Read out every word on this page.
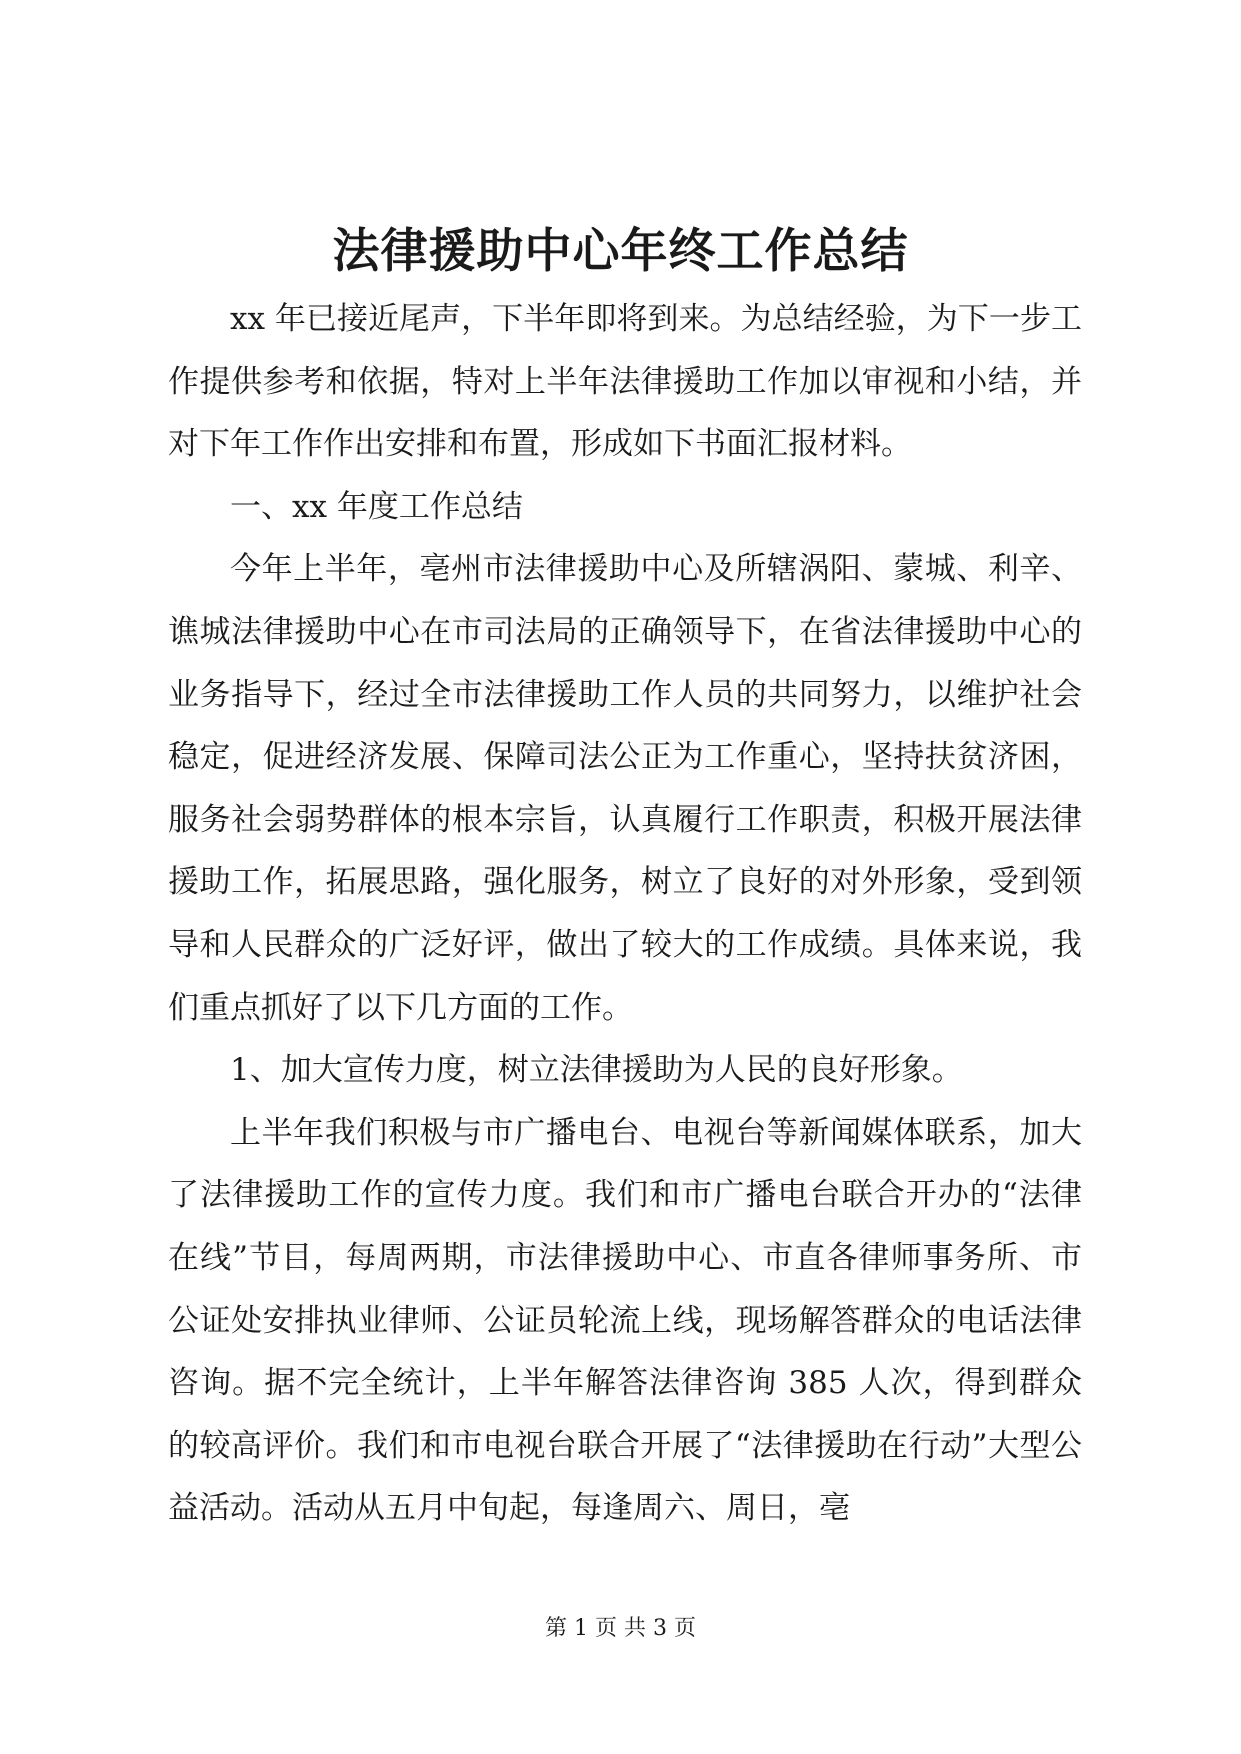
法律援助中心年终工作总结

xx 年已接近尾声，下半年即将到来。为总结经验，为下一步工作提供参考和依据，特对上半年法律援助工作加以审视和小结，并对下年工作作出安排和布置，形成如下书面汇报材料。

一、xx 年度工作总结

今年上半年，亳州市法律援助中心及所辖涡阳、蒙城、利辛、谯城法律援助中心在市司法局的正确领导下，在省法律援助中心的业务指导下，经过全市法律援助工作人员的共同努力，以维护社会稳定，促进经济发展、保障司法公正为工作重心，坚持扶贫济困，服务社会弱势群体的根本宗旨，认真履行工作职责，积极开展法律援助工作，拓展思路，强化服务，树立了良好的对外形象，受到领导和人民群众的广泛好评，做出了较大的工作成绩。具体来说，我们重点抓好了以下几方面的工作。

1、加大宣传力度，树立法律援助为人民的良好形象。

上半年我们积极与市广播电台、电视台等新闻媒体联系，加大了法律援助工作的宣传力度。我们和市广播电台联合开办的“法律在线”节目，每周两期，市法律援助中心、市直各律师事务所、市公证处安排执业律师、公证员轮流上线，现场解答群众的电话法律咨询。据不完全统计，上半年解答法律咨询 385 人次，得到群众的较高评价。我们和市电视台联合开展了“法律援助在行动”大型公益活动。活动从五月中旬起，每逢周六、周日，亳

第 1 页 共 3 页
